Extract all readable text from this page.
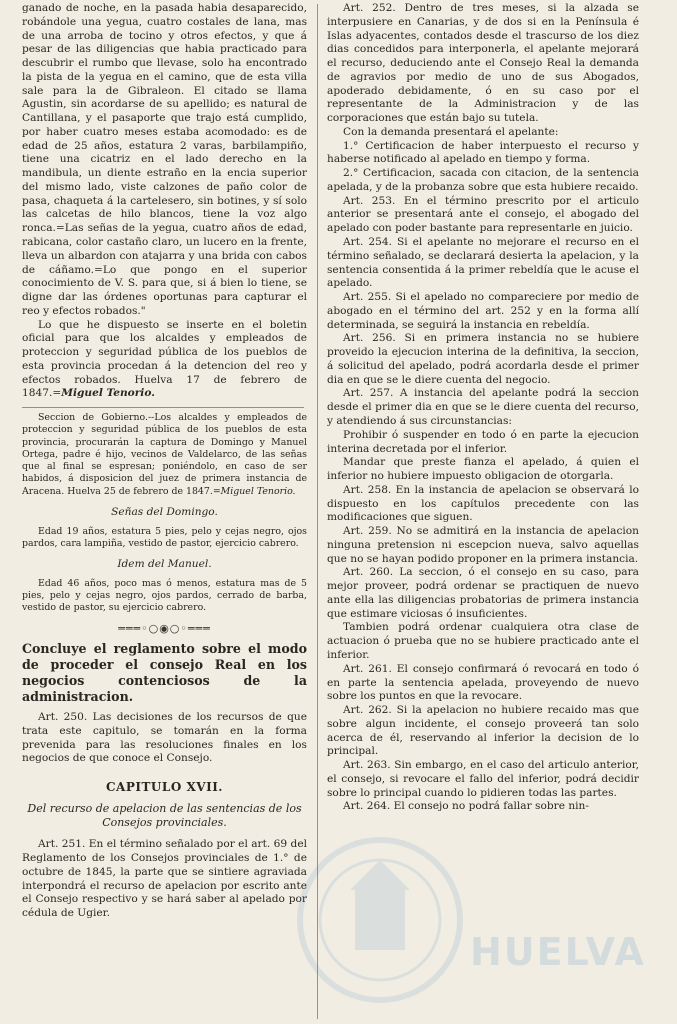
ganado de noche, en la pasada habia desaparecido, robándole una yegua, cuatro costales de lana, mas de una arroba de tocino y otros efectos, y que á pesar de las diligencias que habia practicado para descubrir el rumbo que llevase, solo ha encontrado la pista de la yegua en el camino, que de esta villa sale para la de Gibraleon. El citado se llama Agustin, sin acordarse de su apellido; es natural de Cantillana, y el pasaporte que trajo está cumplido, por haber cuatro meses estaba acomodado: es de edad de 25 años, estatura 2 varas, barbilampiño, tiene una cicatriz en el lado derecho en la mandibula, un diente estraño en la encia superior del mismo lado, viste calzones de paño color de pasa, chaqueta á la cartelesero, sin botines, y sí solo las calcetas de hilo blancos, tiene la voz algo ronca.=Las señas de la yegua, cuatro años de edad, rabicana, color castaño claro, un lucero en la frente, lleva un albardon con atajarra y una brida con cabos de cáñamo.=Lo que pongo en el superior conocimiento de V. S. para que, si á bien lo tiene, se digne dar las órdenes oportunas para capturar el reo y efectos robados."

Lo que he dispuesto se inserte en el boletin oficial para que los alcaldes y empleados de proteccion y seguridad pública de los pueblos de esta provincia procedan á la detencion del reo y efectos robados. Huelva 17 de febrero de 1847.=Miguel Tenorio.

Seccion de Gobierno.--Los alcaldes y empleados de proteccion y seguridad pública de los pueblos de esta provincia, procurarán la captura de Domingo y Manuel Ortega, padre é hijo, vecinos de Valdelarco, de las señas que al final se espresan; poniéndolo, en caso de ser habidos, á disposicion del juez de primera instancia de Aracena. Huelva 25 de febrero de 1847.=Miguel Tenorio.

Señas del Domingo.

Edad 19 años, estatura 5 pies, pelo y cejas negro, ojos pardos, cara lampiña, vestido de pastor, ejercicio cabrero.

Idem del Manuel.

Edad 46 años, poco mas ó menos, estatura mas de 5 pies, pelo y cejas negro, ojos pardos, cerrado de barba, vestido de pastor, su ejercicio cabrero.

═══◦○◉○◦═══

Concluye el reglamento sobre el modo de proceder el consejo Real en los negocios contenciosos de la administracion.

Art. 250. Las decisiones de los recursos de que trata este capitulo, se tomarán en la forma prevenida para las resoluciones finales en los negocios de que conoce el Consejo.

CAPITULO XVII.

Del recurso de apelacion de las sentencias de los Consejos provinciales.

Art. 251. En el término señalado por el art. 69 del Reglamento de los Consejos provinciales de 1.° de octubre de 1845, la parte que se sintiere agraviada interpondrá el recurso de apelacion por escrito ante el Consejo respectivo y se hará saber al apelado por cédula de Ugier.

Art. 252. Dentro de tres meses, si la alzada se interpusiere en Canarias, y de dos si en la Península é Islas adyacentes, contados desde el trascurso de los diez dias concedidos para interponerla, el apelante mejorará el recurso, deduciendo ante el Consejo Real la demanda de agravios por medio de uno de sus Abogados, apoderado debidamente, ó en su caso por el representante de la Administracion y de las corporaciones que están bajo su tutela.

Con la demanda presentará el apelante:

1.° Certificacion de haber interpuesto el recurso y haberse notificado al apelado en tiempo y forma.

2.° Certificacion, sacada con citacion, de la sentencia apelada, y de la probanza sobre que esta hubiere recaido.

Art. 253. En el término prescrito por el articulo anterior se presentará ante el consejo, el abogado del apelado con poder bastante para representarle en juicio.

Art. 254. Si el apelante no mejorare el recurso en el término señalado, se declarará desierta la apelacion, y la sentencia consentida á la primer rebeldía que le acuse el apelado.

Art. 255. Si el apelado no compareciere por medio de abogado en el término del art. 252 y en la forma allí determinada, se seguirá la instancia en rebeldía.

Art. 256. Si en primera instancia no se hubiere proveido la ejecucion interina de la definitiva, la seccion, á solicitud del apelado, podrá acordarla desde el primer dia en que se le diere cuenta del negocio.

Art. 257. A instancia del apelante podrá la seccion desde el primer dia en que se le diere cuenta del recurso, y atendiendo á sus circunstancias:

Prohibir ó suspender en todo ó en parte la ejecucion interina decretada por el inferior.

Mandar que preste fianza el apelado, á quien el inferior no hubiere impuesto obligacion de otorgarla.

Art. 258. En la instancia de apelacion se observará lo dispuesto en los capítulos precedente con las modificaciones que siguen.

Art. 259. No se admitirá en la instancia de apelacion ninguna pretension ni escepcion nueva, salvo aquellas que no se hayan podido proponer en la primera instancia.

Art. 260. La seccion, ó el consejo en su caso, para mejor proveer, podrá ordenar se practiquen de nuevo ante ella las diligencias probatorias de primera instancia que estimare viciosas ó insuficientes.

Tambien podrá ordenar cualquiera otra clase de actuacion ó prueba que no se hubiere practicado ante el inferior.

Art. 261. El consejo confirmará ó revocará en todo ó en parte la sentencia apelada, proveyendo de nuevo sobre los puntos en que la revocare.

Art. 262. Si la apelacion no hubiere recaido mas que sobre algun incidente, el consejo proveerá tan solo acerca de él, reservando al inferior la decision de lo principal.

Art. 263. Sin embargo, en el caso del articulo anterior, el consejo, si revocare el fallo del inferior, podrá decidir sobre lo principal cuando lo pidieren todas las partes.

Art. 264. El consejo no podrá fallar sobre nin-

HUELVA
